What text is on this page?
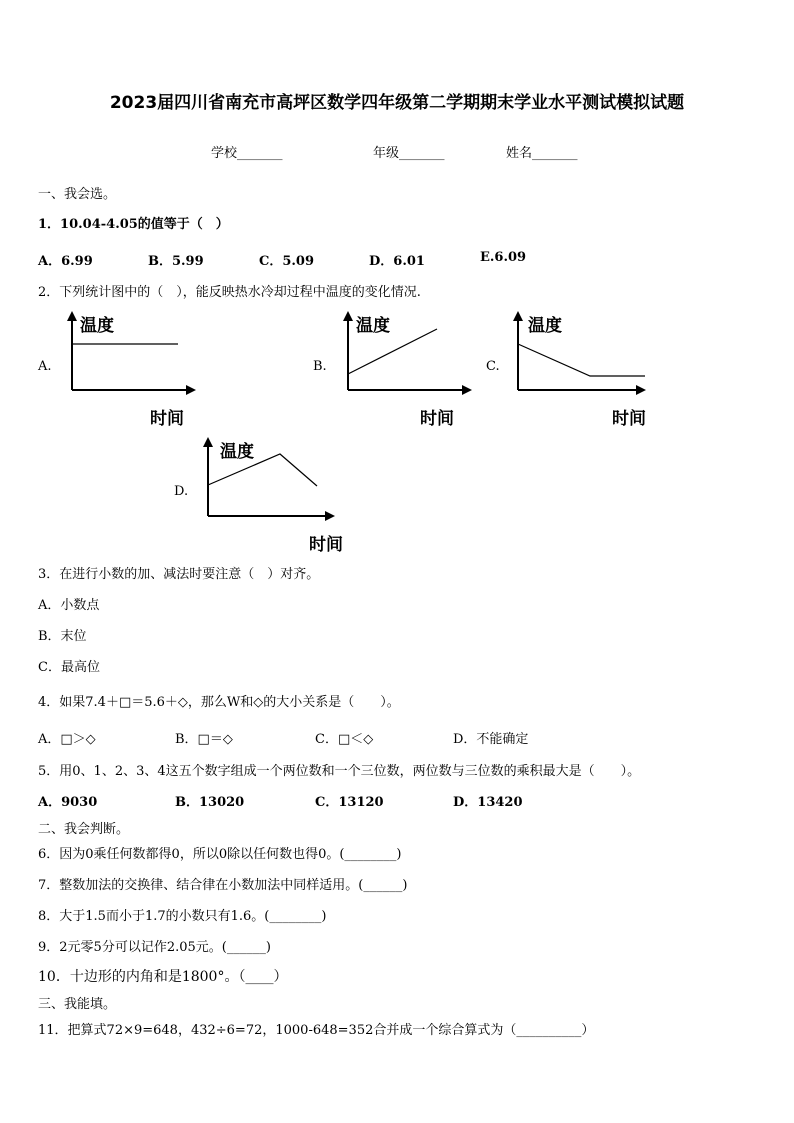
2023届四川省南充市高坪区数学四年级第二学期期末学业水平测试模拟试题
学校_______	年级_______	姓名_______
一、我会选。
1．10.04-4.05的值等于（　）
A．6.99	B．5.99	C．5.09	D．6.01	E.6.09
2．下列统计图中的（　），能反映热水冷却过程中温度的变化情况.
A.
温度
时间
B.
温度
时间
C.
温度
时间
D.
温度
时间
3．在进行小数的加、减法时要注意（　）对齐。
A．小数点
B．末位
C．最高位
4．如果7.4＋□＝5.6＋◇，那么W和◇的大小关系是（　　）。
A．□＞◇	B．□＝◇	C．□＜◇	D．不能确定
5．用0、1、2、3、4这五个数字组成一个两位数和一个三位数，两位数与三位数的乘积最大是（　　）。
A．9030	B．13020	C．13120	D．13420
二、我会判断。
6．因为0乘任何数都得0，所以0除以任何数也得0。(________)
7．整数加法的交换律、结合律在小数加法中同样适用。(______)
8．大于1.5而小于1.7的小数只有1.6。(________)
9．2元零5分可以记作2.05元。(______)
10．十边形的内角和是1800°。（____）
三、我能填。
11．把算式72×9=648，432÷6=72，1000-648=352合并成一个综合算式为（__________）
